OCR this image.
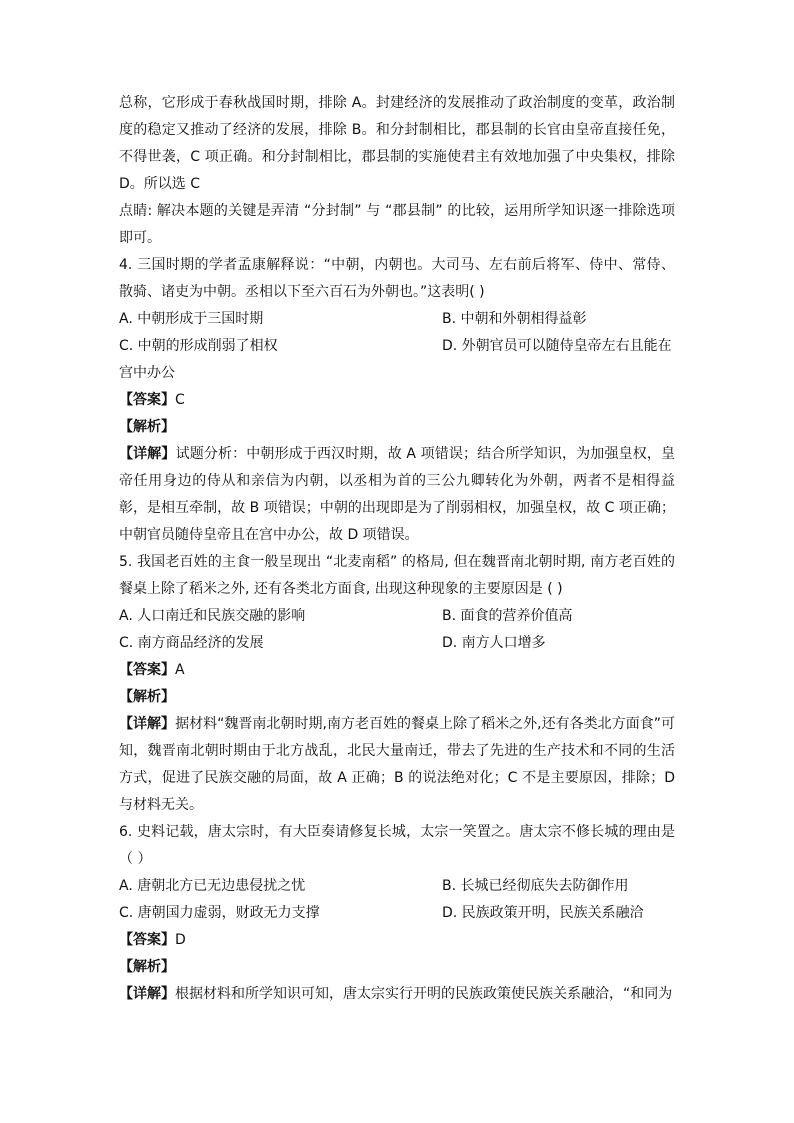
总称，它形成于春秋战国时期，排除 A。封建经济的发展推动了政治制度的变革，政治制度的稳定又推动了经济的发展，排除 B。和分封制相比，郡县制的长官由皇帝直接任免，不得世袭，C 项正确。和分封制相比，郡县制的实施使君主有效地加强了中央集权，排除 D。所以选 C

点睛: 解决本题的关键是弄清 “分封制” 与 “郡县制” 的比较，运用所学知识逐一排除选项即可。

4. 三国时期的学者孟康解释说：“中朝，内朝也。大司马、左右前后将军、侍中、常侍、散骑、诸吏为中朝。丞相以下至六百石为外朝也。”这表明( )

A. 中朝形成于三国时期	B. 中朝和外朝相得益彰
C. 中朝的形成削弱了相权	D. 外朝官员可以随侍皇帝左右且能在

宫中办公

【答案】C

【解析】

【详解】试题分析：中朝形成于西汉时期，故 A 项错误；结合所学知识，为加强皇权，皇帝任用身边的侍从和亲信为内朝，以丞相为首的三公九卿转化为外朝，两者不是相得益彰，是相互牵制，故 B 项错误；中朝的出现即是为了削弱相权，加强皇权，故 C 项正确；中朝官员随侍皇帝且在宫中办公，故 D 项错误。

5. 我国老百姓的主食一般呈现出 “北麦南稻” 的格局, 但在魏晋南北朝时期, 南方老百姓的餐桌上除了稻米之外, 还有各类北方面食, 出现这种现象的主要原因是 ( )

A. 人口南迁和民族交融的影响	B. 面食的营养价值高
C. 南方商品经济的发展	D. 南方人口增多

【答案】A

【解析】

【详解】据材料“魏晋南北朝时期,南方老百姓的餐桌上除了稻米之外,还有各类北方面食”可知，魏晋南北朝时期由于北方战乱，北民大量南迁，带去了先进的生产技术和不同的生活方式，促进了民族交融的局面，故 A 正确；B 的说法绝对化；C 不是主要原因，排除；D 与材料无关。

6. 史料记载，唐太宗时，有大臣奏请修复长城，太宗一笑置之。唐太宗不修长城的理由是 （ ）

A. 唐朝北方已无边患侵扰之忧	B. 长城已经彻底失去防御作用
C. 唐朝国力虚弱，财政无力支撑	D. 民族政策开明，民族关系融洽

【答案】D

【解析】

【详解】根据材料和所学知识可知，唐太宗实行开明的民族政策使民族关系融洽，“和同为
